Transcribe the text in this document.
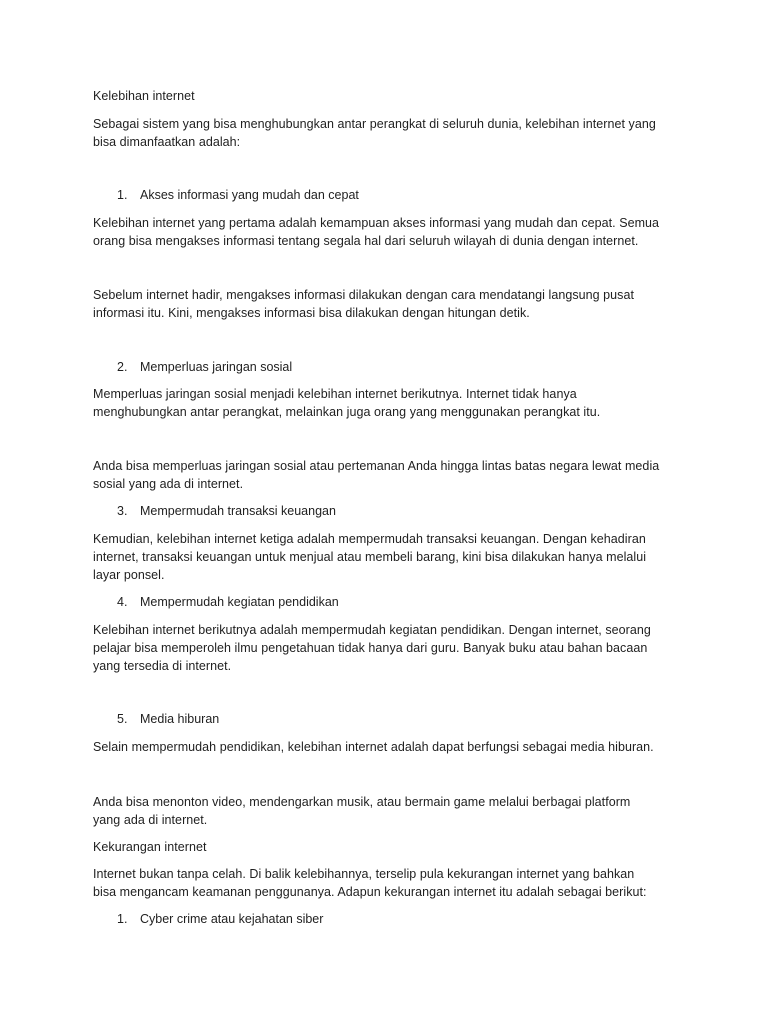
Kelebihan internet
Sebagai sistem yang bisa menghubungkan antar perangkat di seluruh dunia, kelebihan internet yang
bisa dimanfaatkan adalah:
1. Akses informasi yang mudah dan cepat
Kelebihan internet yang pertama adalah kemampuan akses informasi yang mudah dan cepat. Semua
orang bisa mengakses informasi tentang segala hal dari seluruh wilayah di dunia dengan internet.
Sebelum internet hadir, mengakses informasi dilakukan dengan cara mendatangi langsung pusat
informasi itu. Kini, mengakses informasi bisa dilakukan dengan hitungan detik.
2. Memperluas jaringan sosial
Memperluas jaringan sosial menjadi kelebihan internet berikutnya. Internet tidak hanya
menghubungkan antar perangkat, melainkan juga orang yang menggunakan perangkat itu.
Anda bisa memperluas jaringan sosial atau pertemanan Anda hingga lintas batas negara lewat media
sosial yang ada di internet.
3. Mempermudah transaksi keuangan
Kemudian, kelebihan internet ketiga adalah mempermudah transaksi keuangan. Dengan kehadiran
internet, transaksi keuangan untuk menjual atau membeli barang, kini bisa dilakukan hanya melalui
layar ponsel.
4. Mempermudah kegiatan pendidikan
Kelebihan internet berikutnya adalah mempermudah kegiatan pendidikan. Dengan internet, seorang
pelajar bisa memperoleh ilmu pengetahuan tidak hanya dari guru. Banyak buku atau bahan bacaan
yang tersedia di internet.
5. Media hiburan
Selain mempermudah pendidikan, kelebihan internet adalah dapat berfungsi sebagai media hiburan.
Anda bisa menonton video, mendengarkan musik, atau bermain game melalui berbagai platform
yang ada di internet.
Kekurangan internet
Internet bukan tanpa celah. Di balik kelebihannya, terselip pula kekurangan internet yang bahkan
bisa mengancam keamanan penggunanya. Adapun kekurangan internet itu adalah sebagai berikut:
1. Cyber crime atau kejahatan siber
